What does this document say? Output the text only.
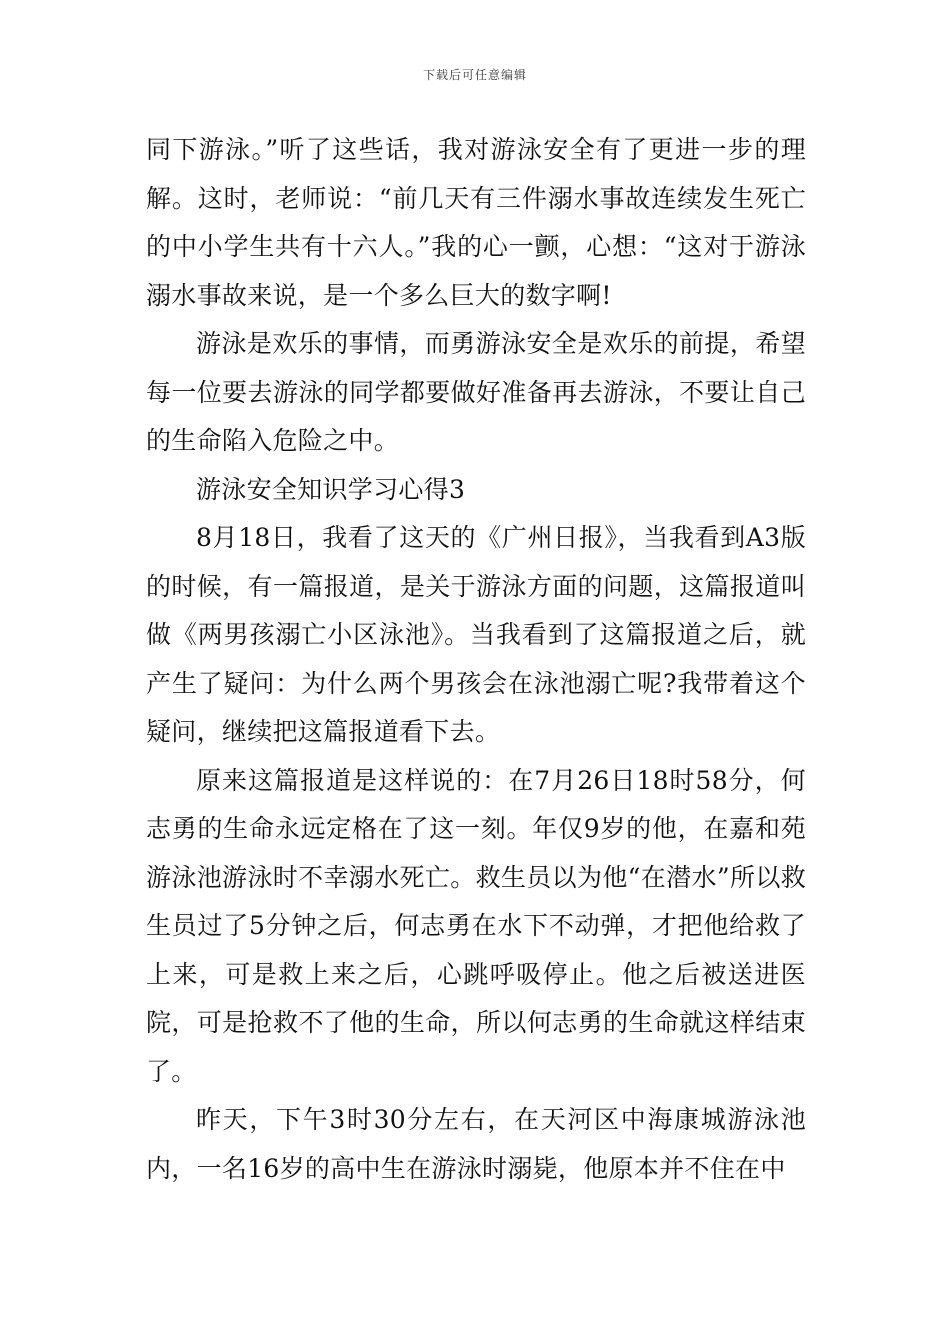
下载后可任意编辑

同下游泳。”听了这些话，我对游泳安全有了更进一步的理解。这时，老师说：“前几天有三件溺水事故连续发生死亡的中小学生共有十六人。”我的心一颤，心想：“这对于游泳溺水事故来说，是一个多么巨大的数字啊!

游泳是欢乐的事情，而勇游泳安全是欢乐的前提，希望每一位要去游泳的同学都要做好准备再去游泳，不要让自己的生命陷入危险之中。

游泳安全知识学习心得3

8月18日，我看了这天的《广州日报》，当我看到A3版的时候，有一篇报道，是关于游泳方面的问题，这篇报道叫做《两男孩溺亡小区泳池》。当我看到了这篇报道之后，就产生了疑问：为什么两个男孩会在泳池溺亡呢?我带着这个疑问，继续把这篇报道看下去。

原来这篇报道是这样说的：在7月26日18时58分，何志勇的生命永远定格在了这一刻。年仅9岁的他，在嘉和苑游泳池游泳时不幸溺水死亡。救生员以为他“在潜水”所以救生员过了5分钟之后，何志勇在水下不动弹，才把他给救了上来，可是救上来之后，心跳呼吸停止。他之后被送进医院，可是抢救不了他的生命，所以何志勇的生命就这样结束了。

昨天，下午3时30分左右，在天河区中海康城游泳池内，一名16岁的高中生在游泳时溺毙，他原本并不住在中
